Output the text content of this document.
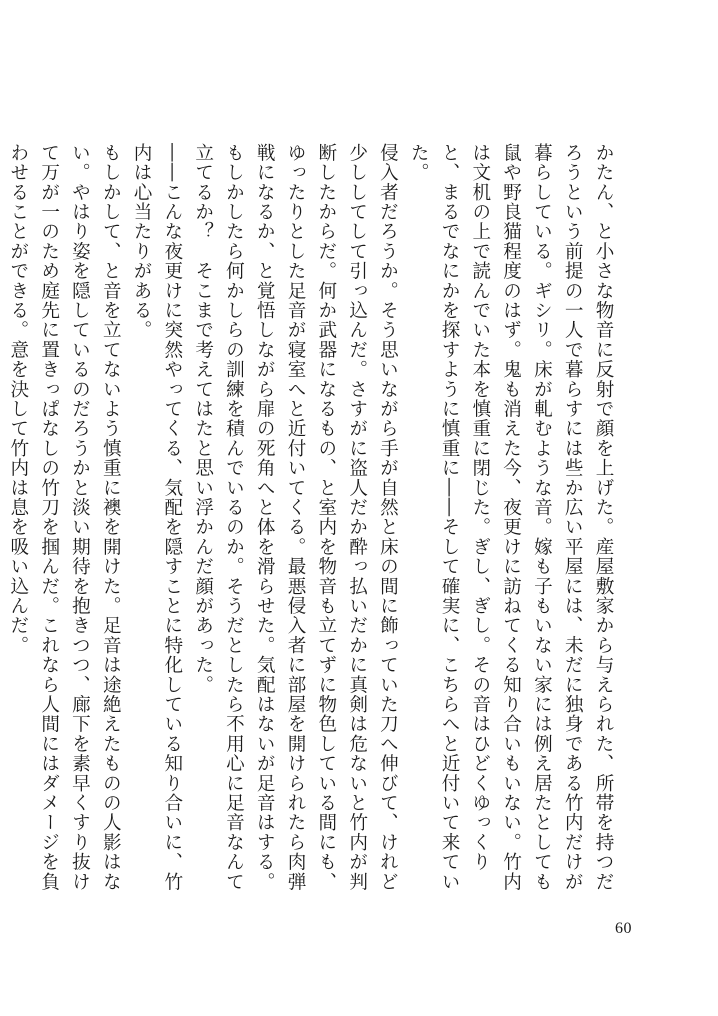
かたん、と小さな物音に反射で顔を上げた。産屋敷家から与えられた、所帯を持つだろうという前提の一人で暮らすには些か広い平屋には、未だに独身である竹内だけが暮らしている。ギシリ。床が軋むような音。嫁も子もいない家には例え居たとしても鼠や野良猫程度のはず。鬼も消えた今、夜更けに訪ねてくる知り合いもいない。竹内は文机の上で読んでいた本を慎重に閉じた。ぎし、ぎし。その音はひどくゆっくりと、まるでなにかを探すように慎重に――そして確実に、こちらへと近付いて来ていた。

侵入者だろうか。そう思いながら手が自然と床の間に飾っていた刀へ伸びて、けれど少ししてして引っ込んだ。さすがに盗人だか酔っ払いだかに真剣は危ないと竹内が判断したからだ。何か武器になるもの、と室内を物音も立てずに物色している間にも、ゆったりとした足音が寝室へと近付いてくる。最悪侵入者に部屋を開けられたら肉弾戦になるか、と覚悟しながら扉の死角へと体を滑らせた。気配はないが足音はする。もしかしたら何かしらの訓練を積んでいるのか。そうだとしたら不用心に足音なんて立てるか？　そこまで考えてはたと思い浮かんだ顔があった。

――こんな夜更けに突然やってくる、気配を隠すことに特化している知り合いに、竹内は心当たりがある。

もしかして、と音を立てないよう慎重に襖を開けた。足音は途絶えたものの人影はない。やはり姿を隠しているのだろうかと淡い期待を抱きつつ、廊下を素早くすり抜けて万が一のため庭先に置きっぱなしの竹刀を掴んだ。これなら人間にはダメージを負わせることができる。意を決して竹内は息を吸い込んだ。

60
